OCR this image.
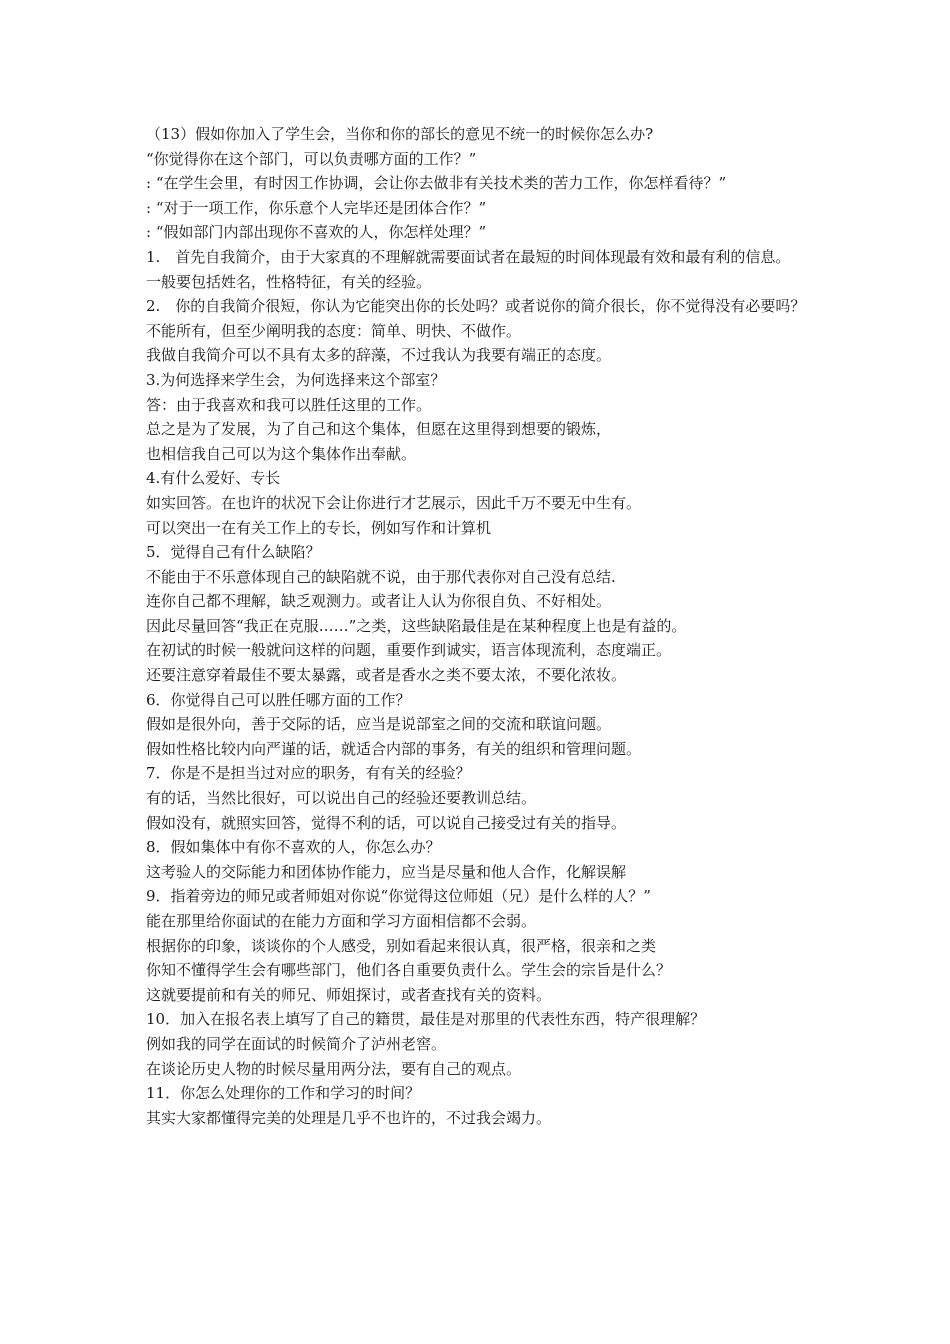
（13）假如你加入了学生会，当你和你的部长的意见不统一的时候你怎么办?

“你觉得你在这个部门，可以负责哪方面的工作？”

: “在学生会里，有时因工作协调，会让你去做非有关技术类的苦力工作，你怎样看待？”

: “对于一项工作，你乐意个人完毕还是团体合作？”

: “假如部门内部出现你不喜欢的人，你怎样处理？”

1.　首先自我简介，由于大家真的不理解就需要面试者在最短的时间体现最有效和最有利的信息。

一般要包括姓名，性格特征，有关的经验。

2.　你的自我简介很短，你认为它能突出你的长处吗？或者说你的简介很长，你不觉得没有必要吗？

不能所有，但至少阐明我的态度：简单、明快、不做作。

我做自我简介可以不具有太多的辞藻，不过我认为我要有端正的态度。

3.为何选择来学生会，为何选择来这个部室？

答：由于我喜欢和我可以胜任这里的工作。

总之是为了发展，为了自己和这个集体，但愿在这里得到想要的锻炼，

也相信我自己可以为这个集体作出奉献。

4.有什么爱好、专长

如实回答。在也许的状况下会让你进行才艺展示，因此千万不要无中生有。

可以突出一在有关工作上的专长，例如写作和计算机

5．觉得自己有什么缺陷？

不能由于不乐意体现自己的缺陷就不说，由于那代表你对自己没有总结.

连你自己都不理解，缺乏观测力。或者让人认为你很自负、不好相处。

因此尽量回答“我正在克服……”之类，这些缺陷最佳是在某种程度上也是有益的。

在初试的时候一般就问这样的问题，重要作到诚实，语言体现流利，态度端正。

还要注意穿着最佳不要太暴露，或者是香水之类不要太浓，不要化浓妆。

6．你觉得自己可以胜任哪方面的工作？

假如是很外向，善于交际的话，应当是说部室之间的交流和联谊问题。

假如性格比较内向严谨的话，就适合内部的事务，有关的组织和管理问题。

7．你是不是担当过对应的职务，有有关的经验？

有的话，当然比很好，可以说出自己的经验还要教训总结。

假如没有，就照实回答，觉得不利的话，可以说自己接受过有关的指导。

8．假如集体中有你不喜欢的人，你怎么办？

这考验人的交际能力和团体协作能力，应当是尽量和他人合作，化解误解

9．指着旁边的师兄或者师姐对你说“你觉得这位师姐（兄）是什么样的人？”

能在那里给你面试的在能力方面和学习方面相信都不会弱。

根据你的印象，谈谈你的个人感受，别如看起来很认真，很严格，很亲和之类

你知不懂得学生会有哪些部门，他们各自重要负责什么。学生会的宗旨是什么？

这就要提前和有关的师兄、师姐探讨，或者查找有关的资料。

10．加入在报名表上填写了自己的籍贯，最佳是对那里的代表性东西，特产很理解？

例如我的同学在面试的时候简介了泸州老窖。

在谈论历史人物的时候尽量用两分法，要有自己的观点。

11．你怎么处理你的工作和学习的时间？

其实大家都懂得完美的处理是几乎不也许的，不过我会竭力。
